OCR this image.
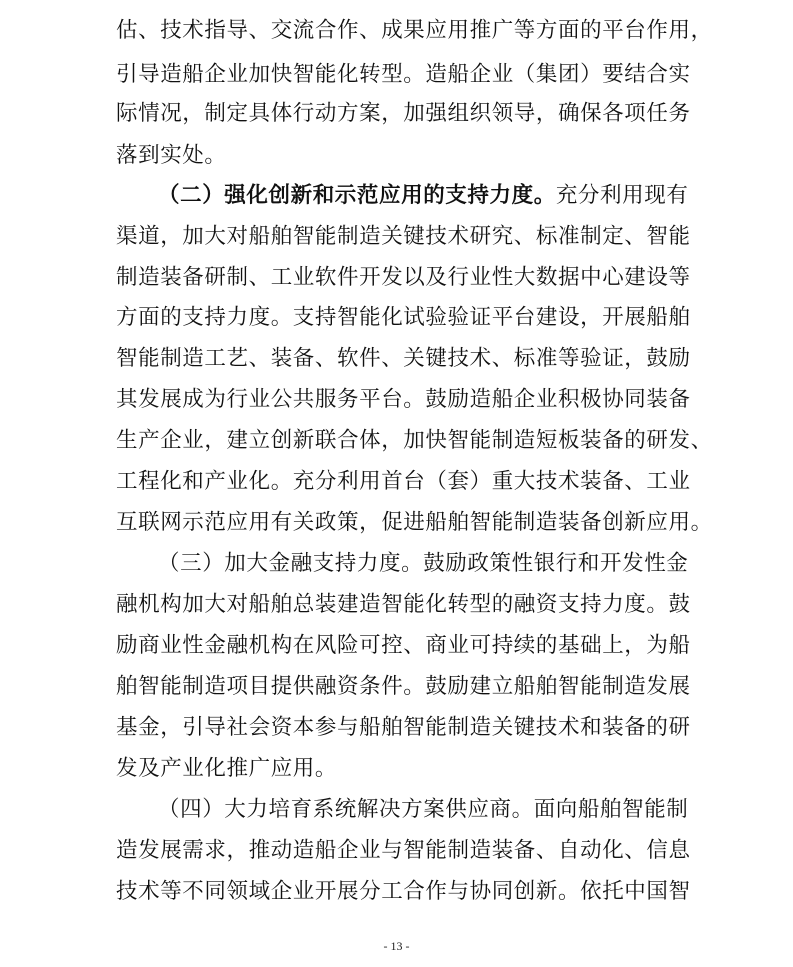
估、技术指导、交流合作、成果应用推广等方面的平台作用，
引导造船企业加快智能化转型。造船企业（集团）要结合实
际情况，制定具体行动方案，加强组织领导，确保各项任务
落到实处。
（二）强化创新和示范应用的支持力度。充分利用现有
渠道，加大对船舶智能制造关键技术研究、标准制定、智能
制造装备研制、工业软件开发以及行业性大数据中心建设等
方面的支持力度。支持智能化试验验证平台建设，开展船舶
智能制造工艺、装备、软件、关键技术、标准等验证，鼓励
其发展成为行业公共服务平台。鼓励造船企业积极协同装备
生产企业，建立创新联合体，加快智能制造短板装备的研发、
工程化和产业化。充分利用首台（套）重大技术装备、工业
互联网示范应用有关政策，促进船舶智能制造装备创新应用。
（三）加大金融支持力度。鼓励政策性银行和开发性金
融机构加大对船舶总装建造智能化转型的融资支持力度。鼓
励商业性金融机构在风险可控、商业可持续的基础上，为船
舶智能制造项目提供融资条件。鼓励建立船舶智能制造发展
基金，引导社会资本参与船舶智能制造关键技术和装备的研
发及产业化推广应用。
（四）大力培育系统解决方案供应商。面向船舶智能制
造发展需求，推动造船企业与智能制造装备、自动化、信息
技术等不同领域企业开展分工合作与协同创新。依托中国智
- 13 -
